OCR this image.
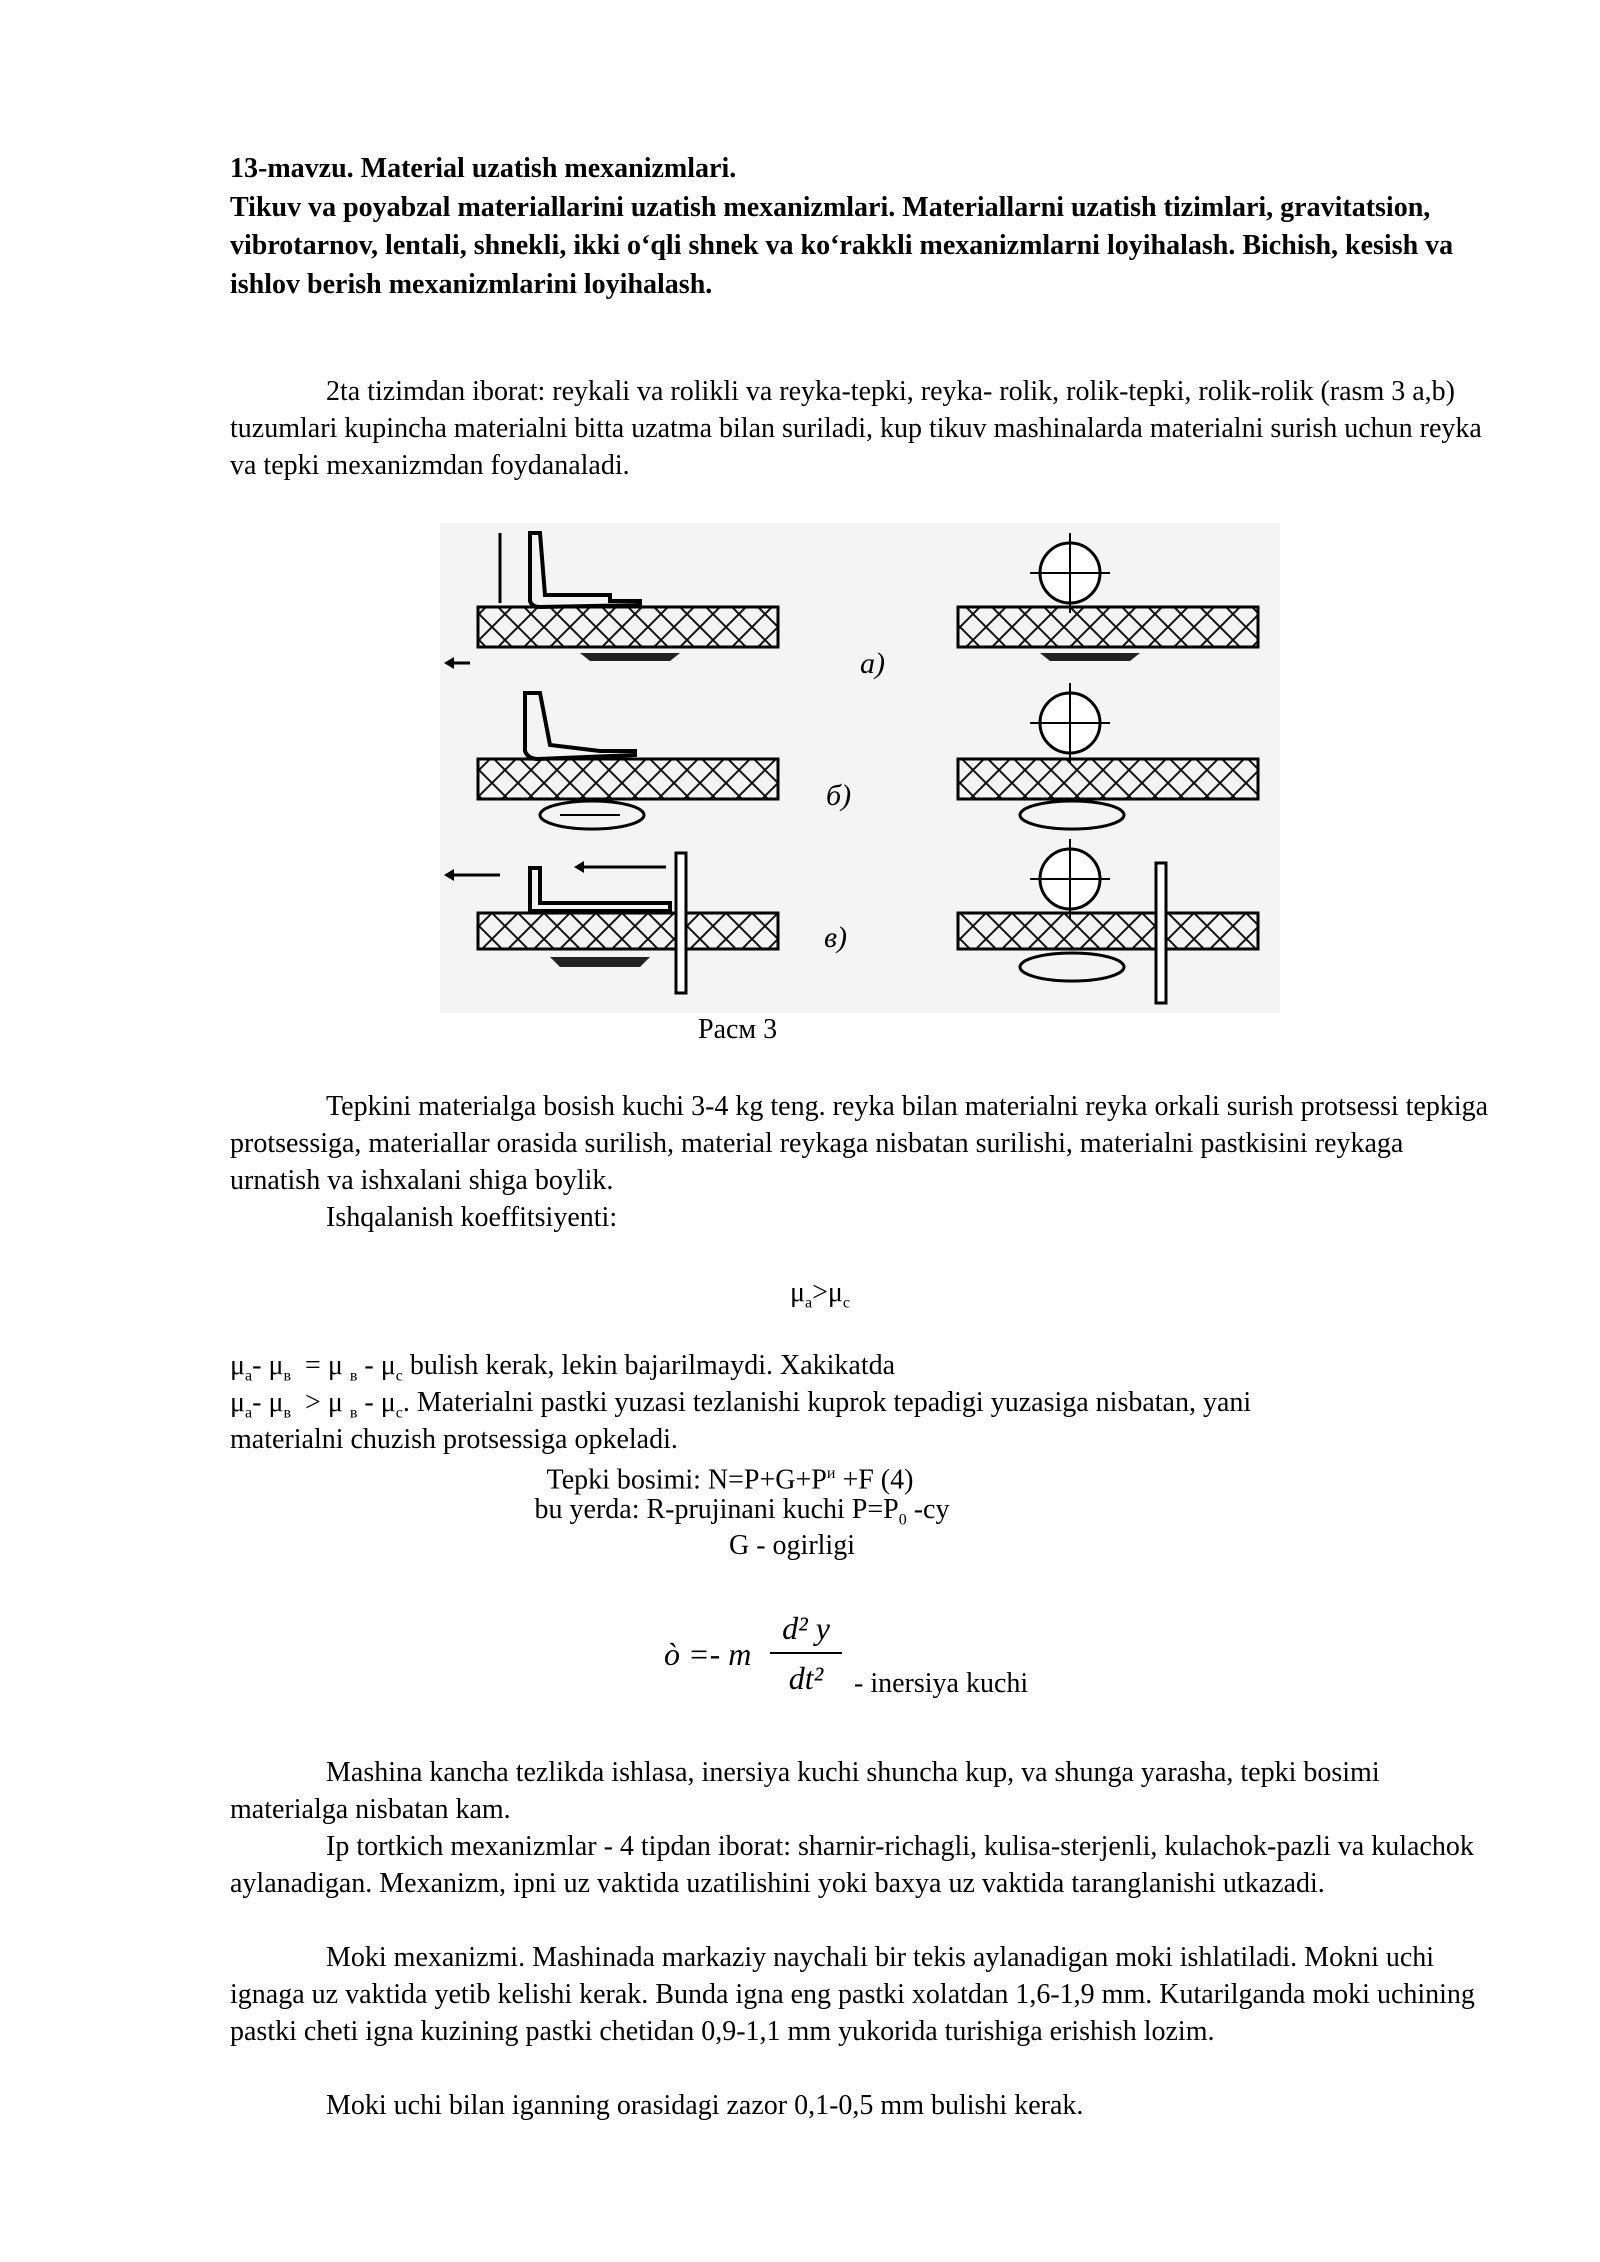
13-mavzu. Material uzatish mexanizmlari.

Tikuv va poyabzal materiallarini uzatish mexanizmlari. Materiallarni uzatish tizimlari, gravitatsion, vibrotarnov, lentali, shnekli, ikki o‘qli shnek va ko‘rakkli mexanizmlarni loyihalash. Bichish, kesish va ishlov berish mexanizmlarini loyihalash.

2ta tizimdan iborat: reykali va rolikli va reyka-tepki, reyka- rolik, rolik-tepki, rolik-rolik (rasm 3 a,b) tuzumlari kupincha materialni bitta uzatma bilan suriladi, kup tikuv mashinalarda materialni surish uchun reyka va tepki mexanizmdan foydanaladi.

а)
б)
в)
Расм 3

Tepkini materialga bosish kuchi 3-4 kg teng. reyka bilan materialni reyka orkali surish protsessi tepkiga protsessiga, materiallar orasida surilish, material reykaga nisbatan surilishi, materialni pastkisini reykaga urnatish va ishxalani shiga boylik.

Ishqalanish koeffitsiyenti:

$\mu_а>\mu_с$
$\mu_а-$ $\mu_в = \mu$ $_в - \mu_с$ bulish kerak, lekin bajarilmaydi. Xakikatda
$\mu_а-$ $\mu_в > \mu$ $_в - \mu_с$. Materialni pastki yuzasi tezlanishi kuprok tepadigi yuzasiga nisbatan, yani
materialni chuzish protsessiga opkeladi.
Tepki bosimi: $N=P+G+P^и +F$ (4)
bu yerda: R-prujinani kuchi $P=P_0$ -cy
G - ogirligi
ò =- m
d² y
dt²	- inersiya kuchi

Mashina kancha tezlikda ishlasa, inersiya kuchi shuncha kup, va shunga yarasha, tepki bosimi materialga nisbatan kam.

Ip tortkich mexanizmlar - 4 tipdan iborat: sharnir-richagli, kulisa-sterjenli, kulachok-pazli va kulachok aylanadigan. Mexanizm, ipni uz vaktida uzatilishini yoki baxya uz vaktida taranglanishi utkazadi.

Moki mexanizmi. Mashinada markaziy naychali bir tekis aylanadigan moki ishlatiladi. Mokni uchi ignaga uz vaktida yetib kelishi kerak. Bunda igna eng pastki xolatdan 1,6-1,9 mm. Kutarilganda moki uchining pastki cheti igna kuzining pastki chetidan 0,9-1,1 mm yukorida turishiga erishish lozim.

Moki uchi bilan iganning orasidagi zazor 0,1-0,5 mm bulishi kerak.
